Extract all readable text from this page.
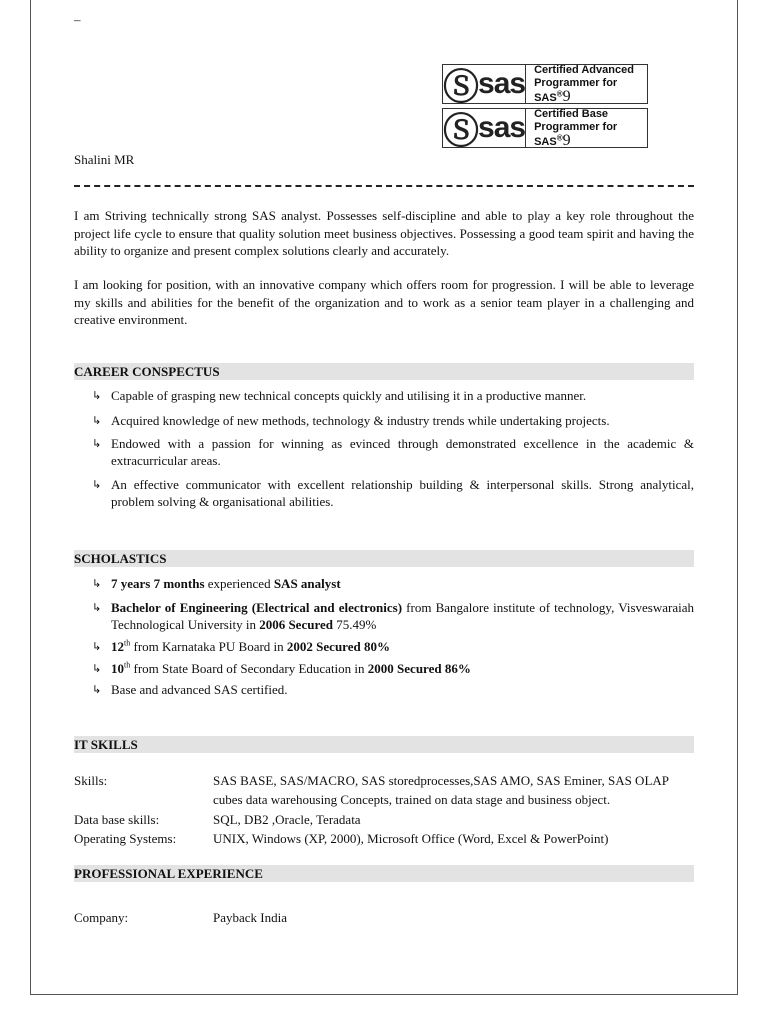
–
Ⓢ sas Certified Advanced
Programmer for SAS®9
Ⓢ sas Certified Base
Programmer for SAS®9
Shalini MR
I am Striving technically strong SAS analyst. Possesses self-discipline and able to play a key role throughout the project life cycle to ensure that quality solution meet business objectives. Possessing a good team spirit and having the ability to organize and present complex solutions clearly and accurately.
I am looking for position, with an innovative company which offers room for progression. I will be able to leverage my skills and abilities for the benefit of the organization and to work as a senior team player in a challenging and creative environment.
CAREER CONSPECTUS
↳ Capable of grasping new technical concepts quickly and utilising it in a productive manner.
↳ Acquired knowledge of new methods, technology & industry trends while undertaking projects.
↳ Endowed with a passion for winning as evinced through demonstrated excellence in the academic & extracurricular areas.
↳ An effective communicator with excellent relationship building & interpersonal skills. Strong analytical, problem solving & organisational abilities.
SCHOLASTICS
↳ 7 years 7 months experienced SAS analyst
↳ Bachelor of Engineering (Electrical and electronics) from Bangalore institute of technology, Visveswaraiah Technological University in 2006 Secured 75.49%
↳ 12th from Karnataka PU Board in 2002 Secured 80%
↳ 10th from State Board of Secondary Education in 2000 Secured 86%
↳ Base and advanced SAS certified.
IT SKILLS
Skills:	SAS BASE, SAS/MACRO, SAS storedprocesses,SAS AMO, SAS Eminer, SAS OLAP cubes data warehousing Concepts, trained on data stage and business object.
Data base skills:	SQL, DB2 ,Oracle, Teradata
Operating Systems:	UNIX, Windows (XP, 2000), Microsoft Office (Word, Excel & PowerPoint)
PROFESSIONAL EXPERIENCE
Company:	Payback India
